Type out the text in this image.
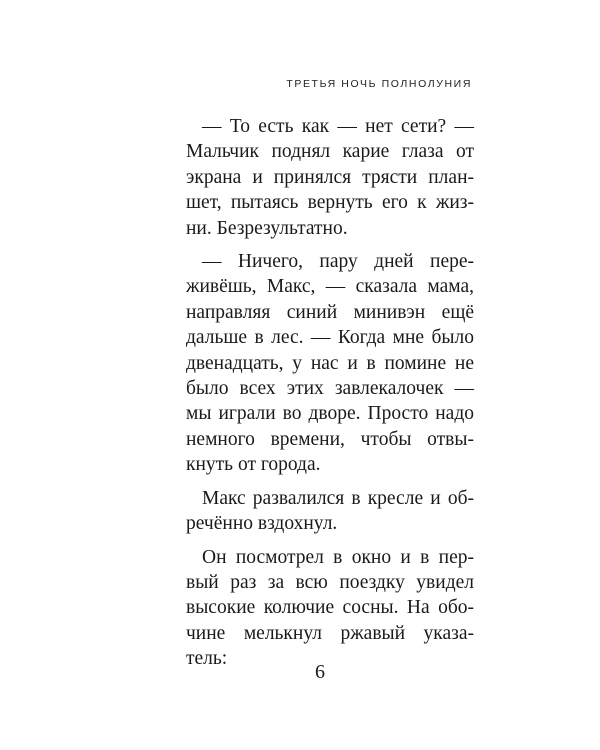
ТРЕТЬЯ НОЧЬ ПОЛНОЛУНИЯ
— То есть как — нет сети? —
Мальчик поднял карие глаза от
экрана и принялся трясти план-
шет, пытаясь вернуть его к жиз-
ни. Безрезультатно.
— Ничего, пару дней пере-
живёшь, Макс, — сказала мама,
направляя синий минивэн ещё
дальше в лес. — Когда мне было
двенадцать, у нас и в помине не
было всех этих завлекалочек —
мы играли во дворе. Просто надо
немного времени, чтобы отвы-
кнуть от города.
Макс развалился в кресле и об-
речённо вздохнул.
Он посмотрел в окно и в пер-
вый раз за всю поездку увидел
высокие колючие сосны. На обо-
чине мелькнул ржавый указа-
тель:
6
